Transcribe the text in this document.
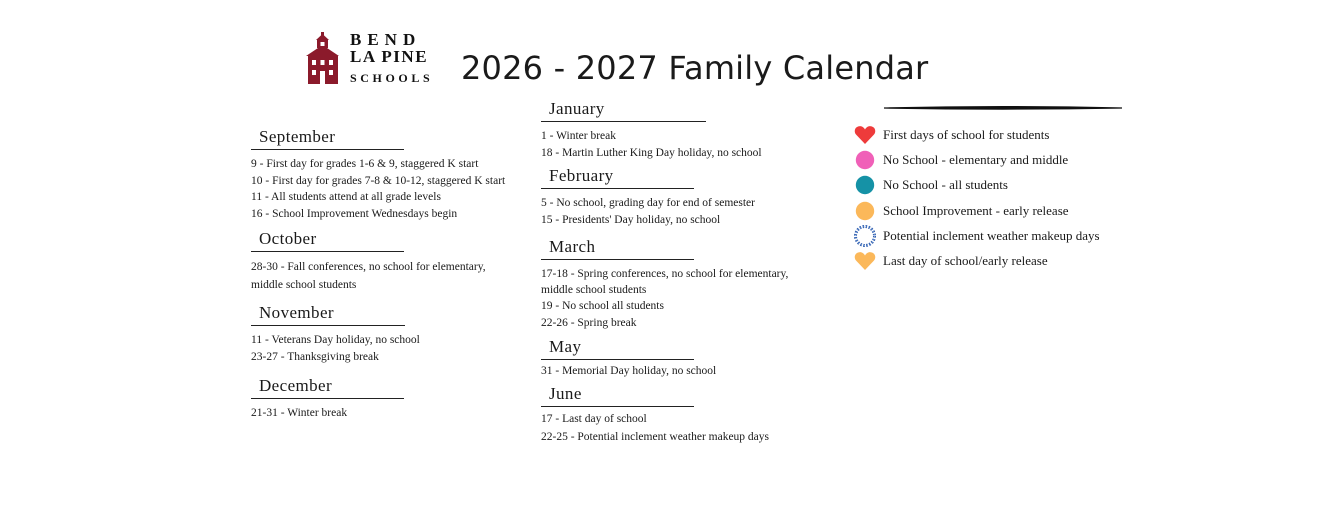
BEND
LA PINE
SCHOOLS 2026 - 2027 Family Calendar
September
9 - First day for grades 1-6 & 9, staggered K start
10 - First day for grades 7-8 & 10-12, staggered K start
11 - All students attend at all grade levels
16 - School Improvement Wednesdays begin
October
28-30 - Fall conferences, no school for elementary, middle school students
November
11 - Veterans Day holiday, no school
23-27 - Thanksgiving break
December
21-31 - Winter break
January
1 - Winter break
18 - Martin Luther King Day holiday, no school
February
5 - No school, grading day for end of semester
15 - Presidents' Day holiday, no school
March
17-18 - Spring conferences, no school for elementary, middle school students
19 - No school all students
22-26 - Spring break
May
31 - Memorial Day holiday, no school
June
17 - Last day of school
22-25 - Potential inclement weather makeup days
First days of school for students
No School - elementary and middle
No School - all students
School Improvement - early release
Potential inclement weather makeup days
Last day of school/early release
